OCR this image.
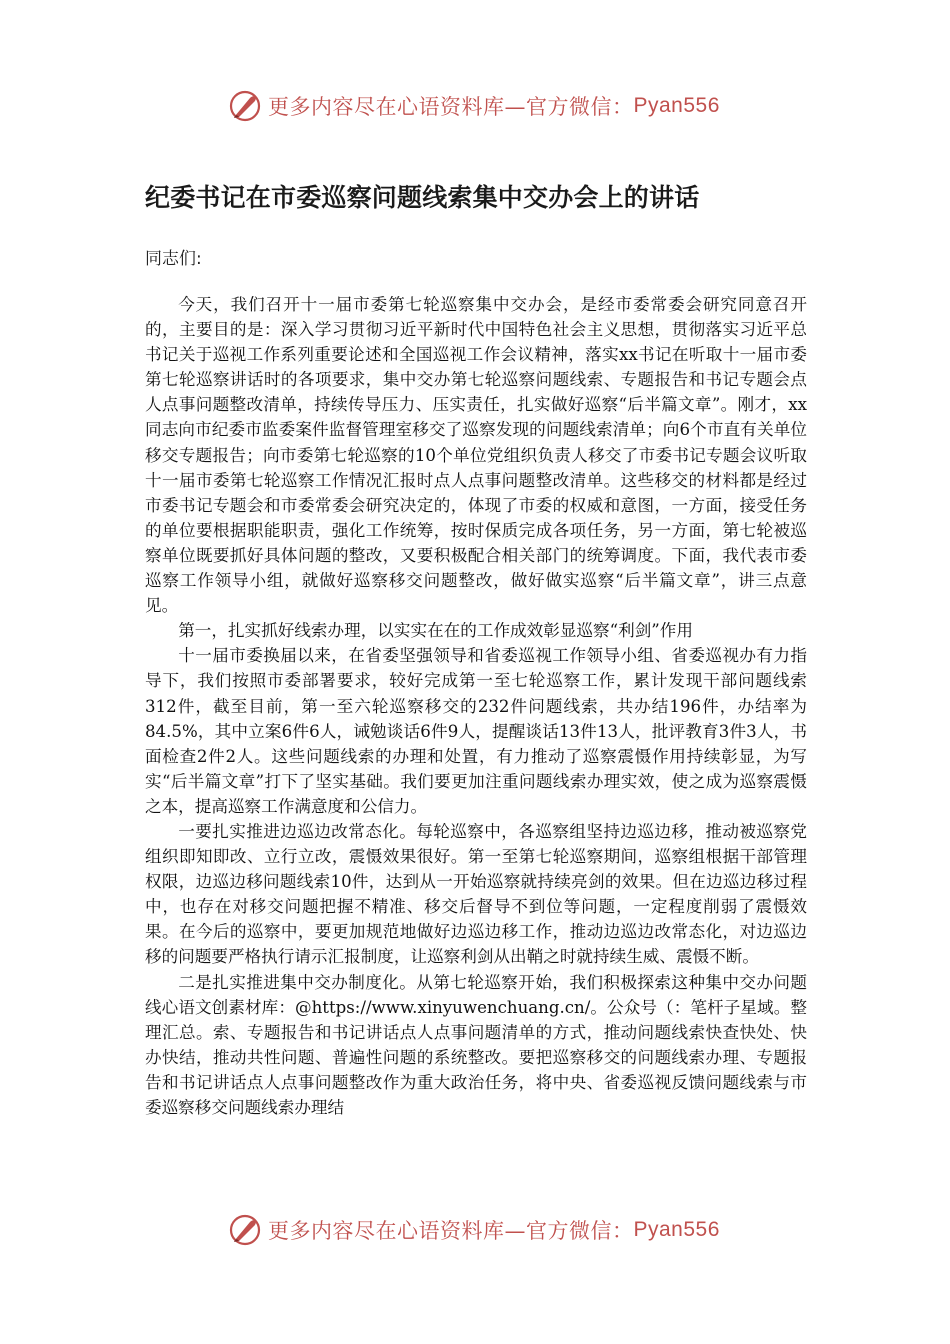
更多内容尽在心语资料库—官方微信： Pyan556
纪委书记在市委巡察问题线索集中交办会上的讲话

同志们:

今天，我们召开十一届市委第七轮巡察集中交办会，是经市委常委会研究同意召开的，主要目的是：深入学习贯彻习近平新时代中国特色社会主义思想，贯彻落实习近平总书记关于巡视工作系列重要论述和全国巡视工作会议精神，落实xx书记在听取十一届市委第七轮巡察讲话时的各项要求，集中交办第七轮巡察问题线索、专题报告和书记专题会点人点事问题整改清单，持续传导压力、压实责任，扎实做好巡察“后半篇文章”。刚才，xx同志向市纪委市监委案件监督管理室移交了巡察发现的问题线索清单；向6个市直有关单位移交专题报告；向市委第七轮巡察的10个单位党组织负责人移交了市委书记专题会议听取十一届市委第七轮巡察工作情况汇报时点人点事问题整改清单。这些移交的材料都是经过市委书记专题会和市委常委会研究决定的，体现了市委的权威和意图，一方面，接受任务的单位要根据职能职责，强化工作统筹，按时保质完成各项任务，另一方面，第七轮被巡察单位既要抓好具体问题的整改，又要积极配合相关部门的统筹调度。下面，我代表市委巡察工作领导小组，就做好巡察移交问题整改，做好做实巡察“后半篇文章”，讲三点意见。

第一，扎实抓好线索办理，以实实在在的工作成效彰显巡察“利剑”作用

十一届市委换届以来，在省委坚强领导和省委巡视工作领导小组、省委巡视办有力指导下，我们按照市委部署要求，较好完成第一至七轮巡察工作，累计发现干部问题线索312件，截至目前，第一至六轮巡察移交的232件问题线索，共办结196件，办结率为84.5%，其中立案6件6人，诫勉谈话6件9人，提醒谈话13件13人，批评教育3件3人，书面检查2件2人。这些问题线索的办理和处置，有力推动了巡察震慑作用持续彰显，为写实“后半篇文章”打下了坚实基础。我们要更加注重问题线索办理实效，使之成为巡察震慑之本，提高巡察工作满意度和公信力。

一要扎实推进边巡边改常态化。每轮巡察中，各巡察组坚持边巡边移，推动被巡察党组织即知即改、立行立改，震慑效果很好。第一至第七轮巡察期间，巡察组根据干部管理权限，边巡边移问题线索10件，达到从一开始巡察就持续亮剑的效果。但在边巡边移过程中，也存在对移交问题把握不精准、移交后督导不到位等问题，一定程度削弱了震慑效果。在今后的巡察中，要更加规范地做好边巡边移工作，推动边巡边改常态化，对边巡边移的问题要严格执行请示汇报制度，让巡察利剑从出鞘之时就持续生威、震慑不断。

二是扎实推进集中交办制度化。从第七轮巡察开始，我们积极探索这种集中交办问题线心语文创素材库：@https://www.xinyuwenchuang.cn/。公众号（：笔杆子星域。整理汇总。索、专题报告和书记讲话点人点事问题清单的方式，推动问题线索快查快处、快办快结，推动共性问题、普遍性问题的系统整改。要把巡察移交的问题线索办理、专题报告和书记讲话点人点事问题整改作为重大政治任务，将中央、省委巡视反馈问题线索与市委巡察移交问题线索办理结

更多内容尽在心语资料库—官方微信： Pyan556
